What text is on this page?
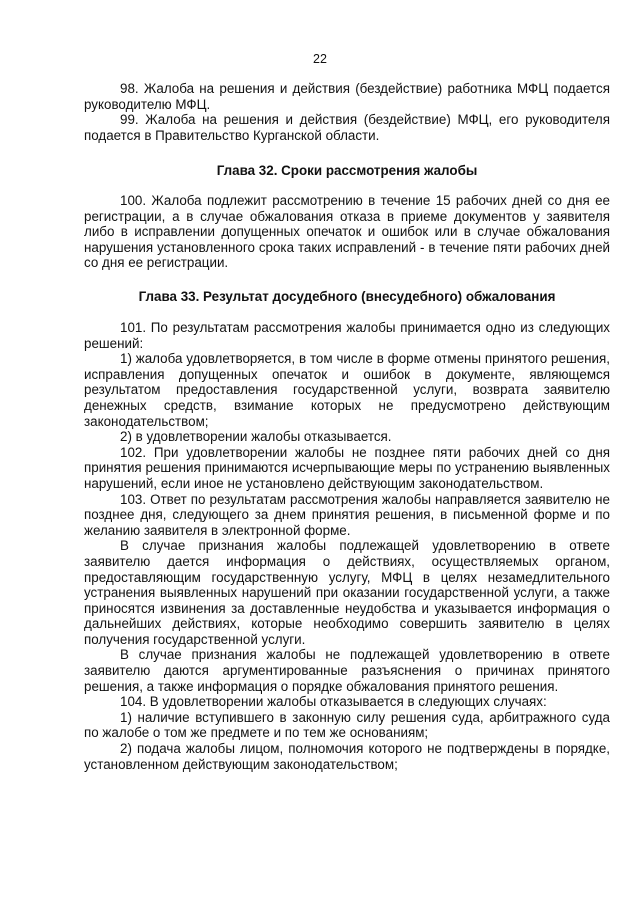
22

98. Жалоба на решения и действия (бездействие) работника МФЦ подается руководителю МФЦ.

99. Жалоба на решения и действия (бездействие) МФЦ, его руководителя подается в Правительство Курганской области.

Глава 32. Сроки рассмотрения жалобы

100. Жалоба подлежит рассмотрению в течение 15 рабочих дней со дня ее регистрации, а в случае обжалования отказа в приеме документов у заявителя либо в исправлении допущенных опечаток и ошибок или в случае обжалования нарушения установленного срока таких исправлений - в течение пяти рабочих дней со дня ее регистрации.

Глава 33. Результат досудебного (внесудебного) обжалования

101. По результатам рассмотрения жалобы принимается одно из следующих решений:

1) жалоба удовлетворяется, в том числе в форме отмены принятого решения, исправления допущенных опечаток и ошибок в документе, являющемся результатом предоставления государственной услуги, возврата заявителю денежных средств, взимание которых не предусмотрено действующим законодательством;

2) в удовлетворении жалобы отказывается.

102. При удовлетворении жалобы не позднее пяти рабочих дней со дня принятия решения принимаются исчерпывающие меры по устранению выявленных нарушений, если иное не установлено действующим законодательством.

103. Ответ по результатам рассмотрения жалобы направляется заявителю не позднее дня, следующего за днем принятия решения, в письменной форме и по желанию заявителя в электронной форме.

В случае признания жалобы подлежащей удовлетворению в ответе заявителю дается информация о действиях, осуществляемых органом, предоставляющим государственную услугу, МФЦ в целях незамедлительного устранения выявленных нарушений при оказании государственной услуги, а также приносятся извинения за доставленные неудобства и указывается информация о дальнейших действиях, которые необходимо совершить заявителю в целях получения государственной услуги.

В случае признания жалобы не подлежащей удовлетворению в ответе заявителю даются аргументированные разъяснения о причинах принятого решения, а также информация о порядке обжалования принятого решения.

104. В удовлетворении жалобы отказывается в следующих случаях:

1) наличие вступившего в законную силу решения суда, арбитражного суда по жалобе о том же предмете и по тем же основаниям;

2) подача жалобы лицом, полномочия которого не подтверждены в порядке, установленном действующим законодательством;
